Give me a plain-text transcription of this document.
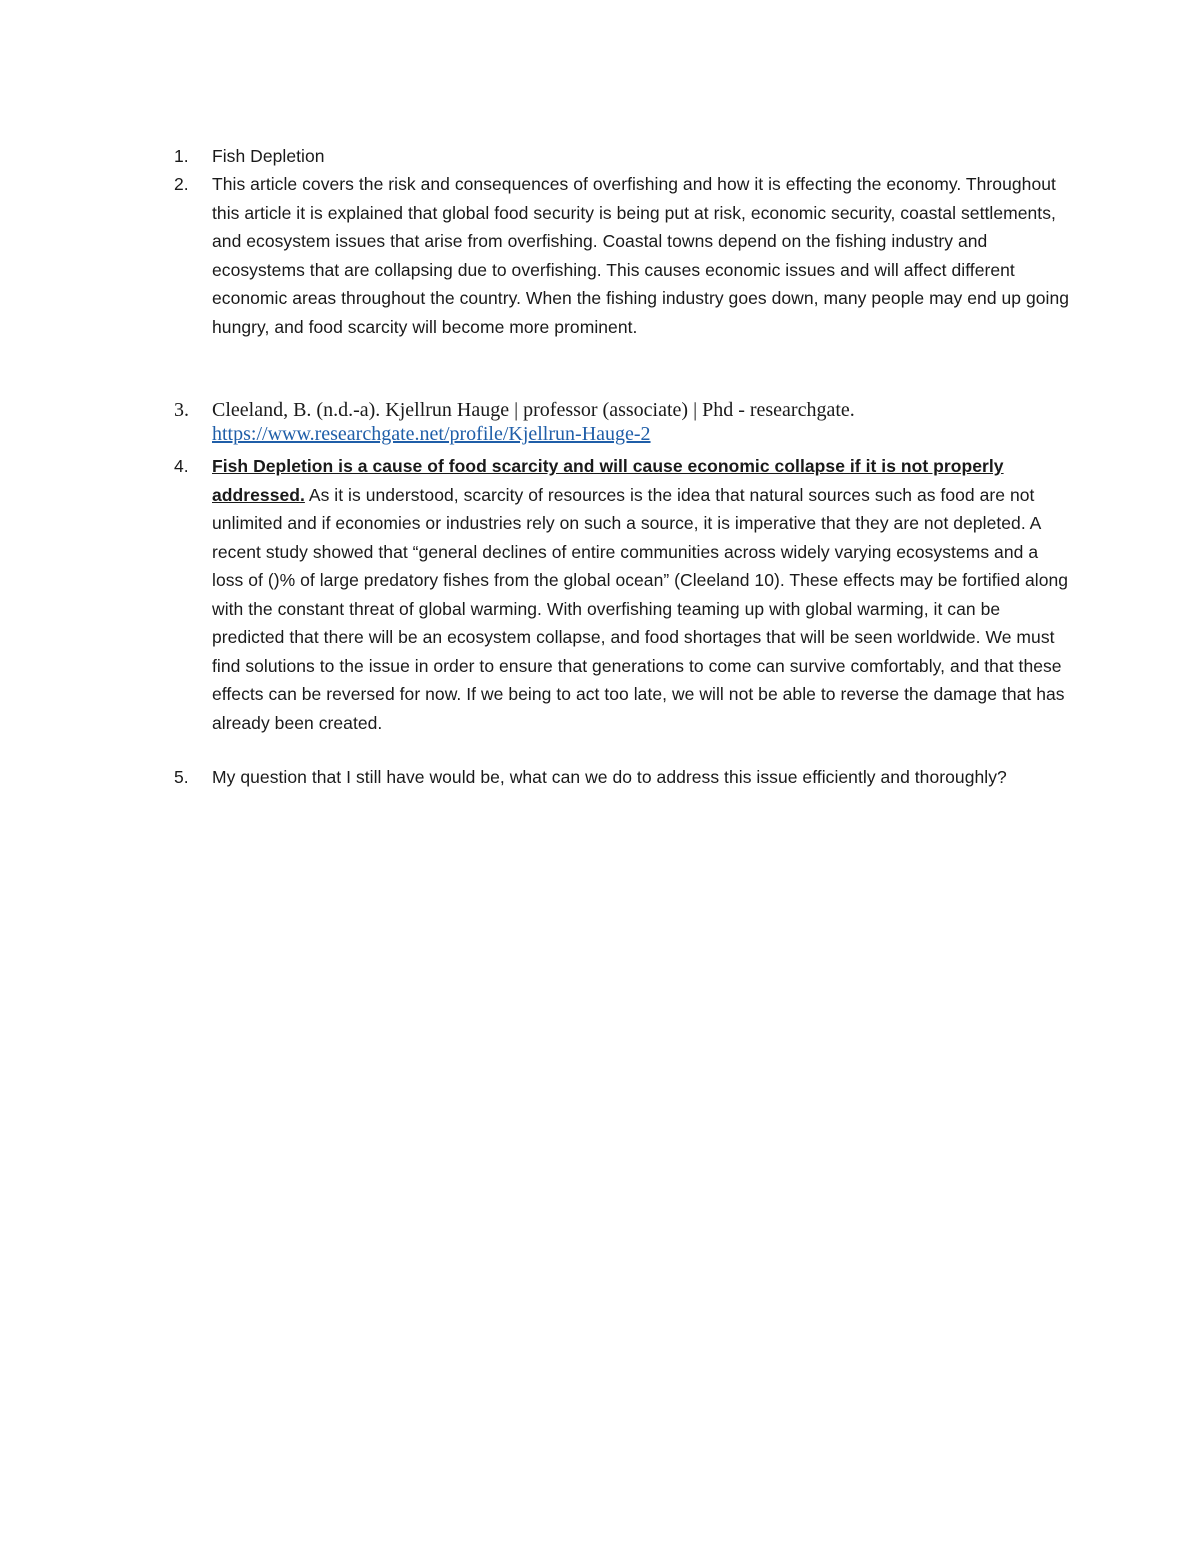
1.	Fish Depletion
2.	This article covers the risk and consequences of overfishing and how it is effecting the economy. Throughout this article it is explained that global food security is being put at risk, economic security, coastal settlements, and ecosystem issues that arise from overfishing. Coastal towns depend on the fishing industry and ecosystems that are collapsing due to overfishing. This causes economic issues and will affect different economic areas throughout the country. When the fishing industry goes down, many people may end up going hungry, and food scarcity will become more prominent.
3.	Cleeland, B. (n.d.-a). Kjellrun Hauge | professor (associate) | Phd - researchgate.
https://www.researchgate.net/profile/Kjellrun-Hauge-2
4.	Fish Depletion is a cause of food scarcity and will cause economic collapse if it is not properly addressed. As it is understood, scarcity of resources is the idea that natural sources such as food are not unlimited and if economies or industries rely on such a source, it is imperative that they are not depleted. A recent study showed that “general declines of entire communities across widely varying ecosystems and a loss of ()% of large predatory fishes from the global ocean” (Cleeland 10). These effects may be fortified along with the constant threat of global warming. With overfishing teaming up with global warming, it can be predicted that there will be an ecosystem collapse, and food shortages that will be seen worldwide. We must find solutions to the issue in order to ensure that generations to come can survive comfortably, and that these effects can be reversed for now. If we being to act too late, we will not be able to reverse the damage that has already been created.
5.	My question that I still have would be, what can we do to address this issue efficiently and thoroughly?
